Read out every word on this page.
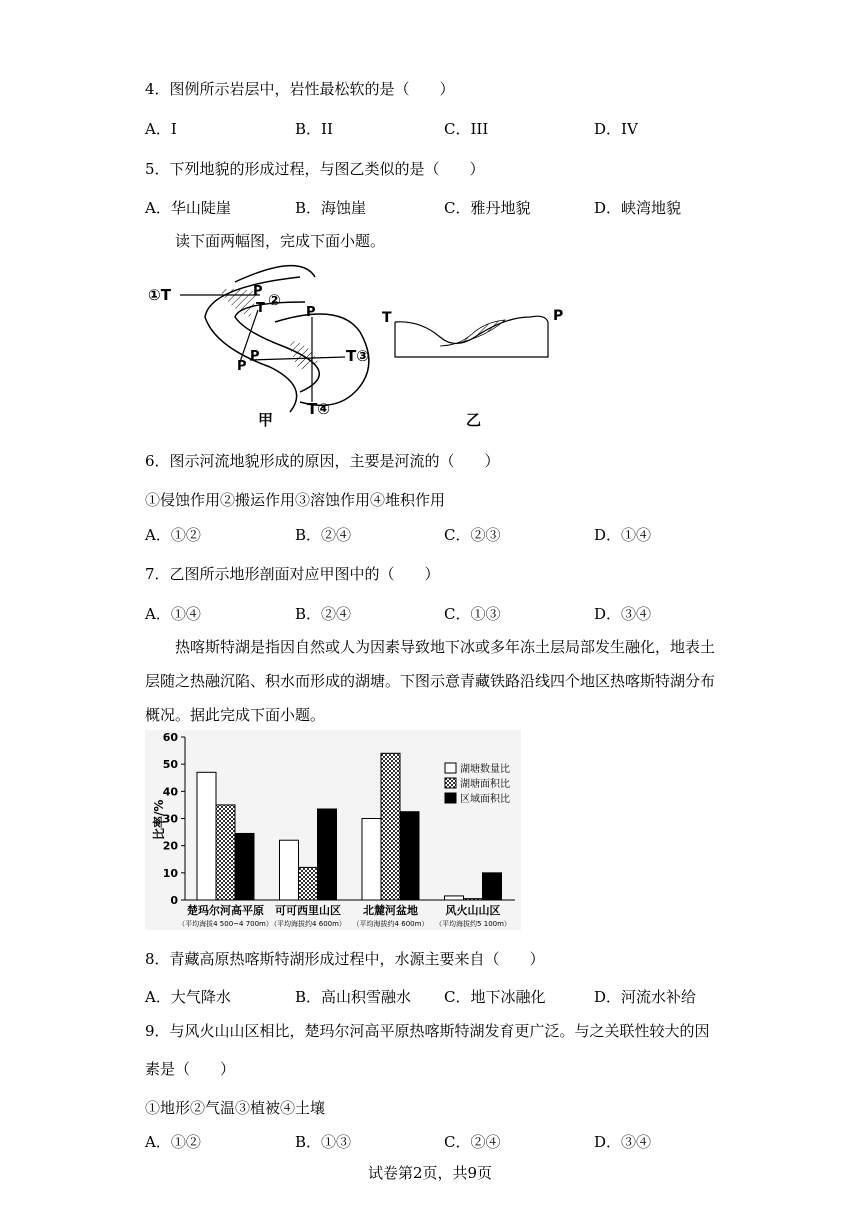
4．图例所示岩层中，岩性最松软的是（　　）
A．I	B．II	C．III	D．IV
5．下列地貌的形成过程，与图乙类似的是（　　）
A．华山陡崖	B．海蚀崖	C．雅丹地貌	D．峡湾地貌
读下面两幅图，完成下面小题。
①T	P ②
T
P
P
P
T③
T④
甲
T	P
乙
6．图示河流地貌形成的原因，主要是河流的（　　）
①侵蚀作用②搬运作用③溶蚀作用④堆积作用
A．①②	B．②④	C．②③	D．①④
7．乙图所示地形剖面对应甲图中的（　　）
A．①④	B．②④	C．①③	D．③④
热喀斯特湖是指因自然或人为因素导致地下冰或多年冻土层局部发生融化，地表土
层随之热融沉陷、积水而形成的湖塘。下图示意青藏铁路沿线四个地区热喀斯特湖分布
概况。据此完成下面小题。
0
10
20
30
40
50
60
楚玛尔河高平原
（平均海拔4 500~4 700m）
可可西里山区
（平均海拔约4 600m）
北麓河盆地
（平均海拔约4 600m）
风火山山区
（平均海拔约5 100m）
湖塘数量比
湖塘面积比
区域面积比
比率/%
8．青藏高原热喀斯特湖形成过程中，水源主要来自（　　）
A．大气降水	B．高山积雪融水 C．地下冰融化	D．河流水补给
9．与风火山山区相比，楚玛尔河高平原热喀斯特湖发育更广泛。与之关联性较大的因
素是（　　）
①地形②气温③植被④土壤
A．①②	B．①③	C．②④	D．③④
试卷第2页，共9页
